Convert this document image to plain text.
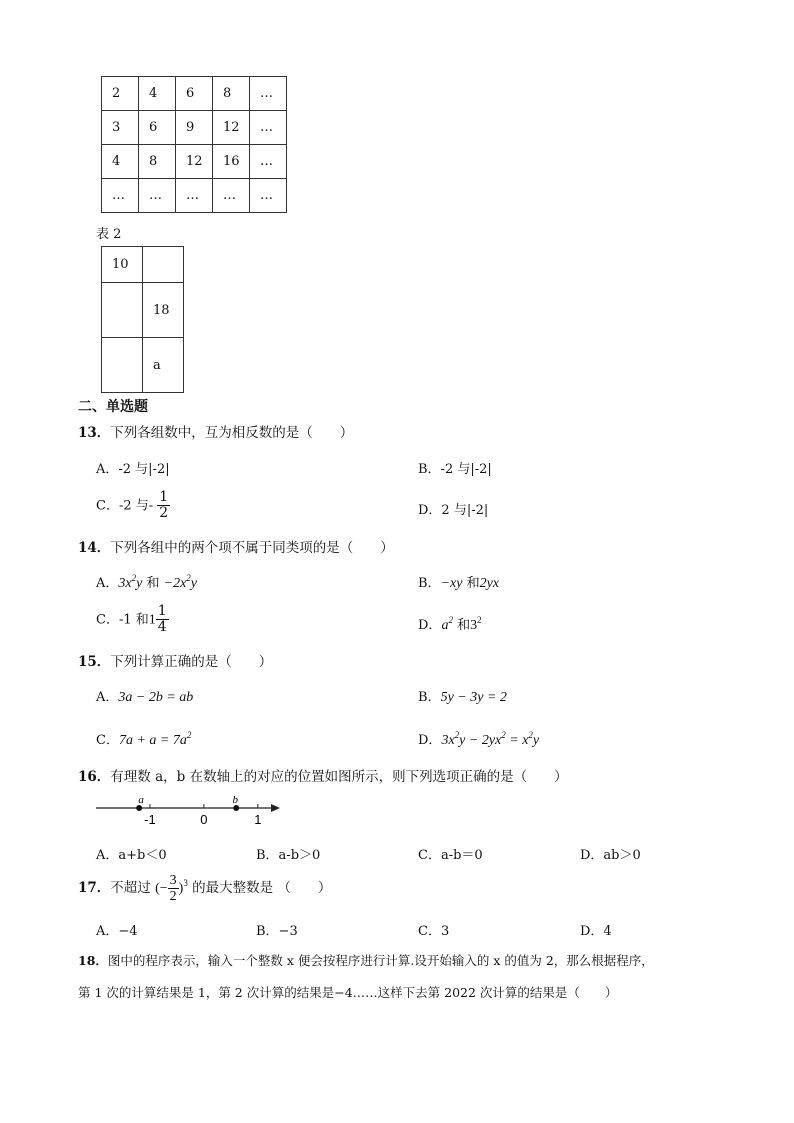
2	4	6	8	…
3	6	9	12	…
4	8	12	16	…
…	…	…	…	…
表 2
10	
	18
	a
二、单选题
13．下列各组数中，互为相反数的是（　　）
A．-2 与|-2|	B．-2 与|-2|
C．-2 与- $\frac{1}{2}$	D．2 与|-2|
14．下列各组中的两个项不属于同类项的是（　　）
A．$3x^2y$ 和 $-2x^2y$	B．−xy 和2yx
C．-1 和$1 \frac{1}{4}$	D．$a^2$ 和$3^2$
15．下列计算正确的是（　　）
A．3a − 2b = ab	B．5y − 3y = 2
C．$7a + a = 7a^2$	D．$3x^2y - 2yx^2 = x^2y$
16．有理数 a，b 在数轴上的对应的位置如图所示，则下列选项正确的是（　　）
-1	0	1
a	b
A．a+b＜0	B．a-b＞0	C．a-b＝0	D．ab＞0
17．不超过 (− $\frac{3}{2} )^3$ 的最大整数是 （　　）
A．−4	B．−3	C．3	D．4
18．图中的程序表示，输入一个整数 x 便会按程序进行计算.设开始输入的 x 的值为 2，那么根据程序，
第 1 次的计算结果是 1，第 2 次计算的结果是−4……这样下去第 2022 次计算的结果是（　　）
